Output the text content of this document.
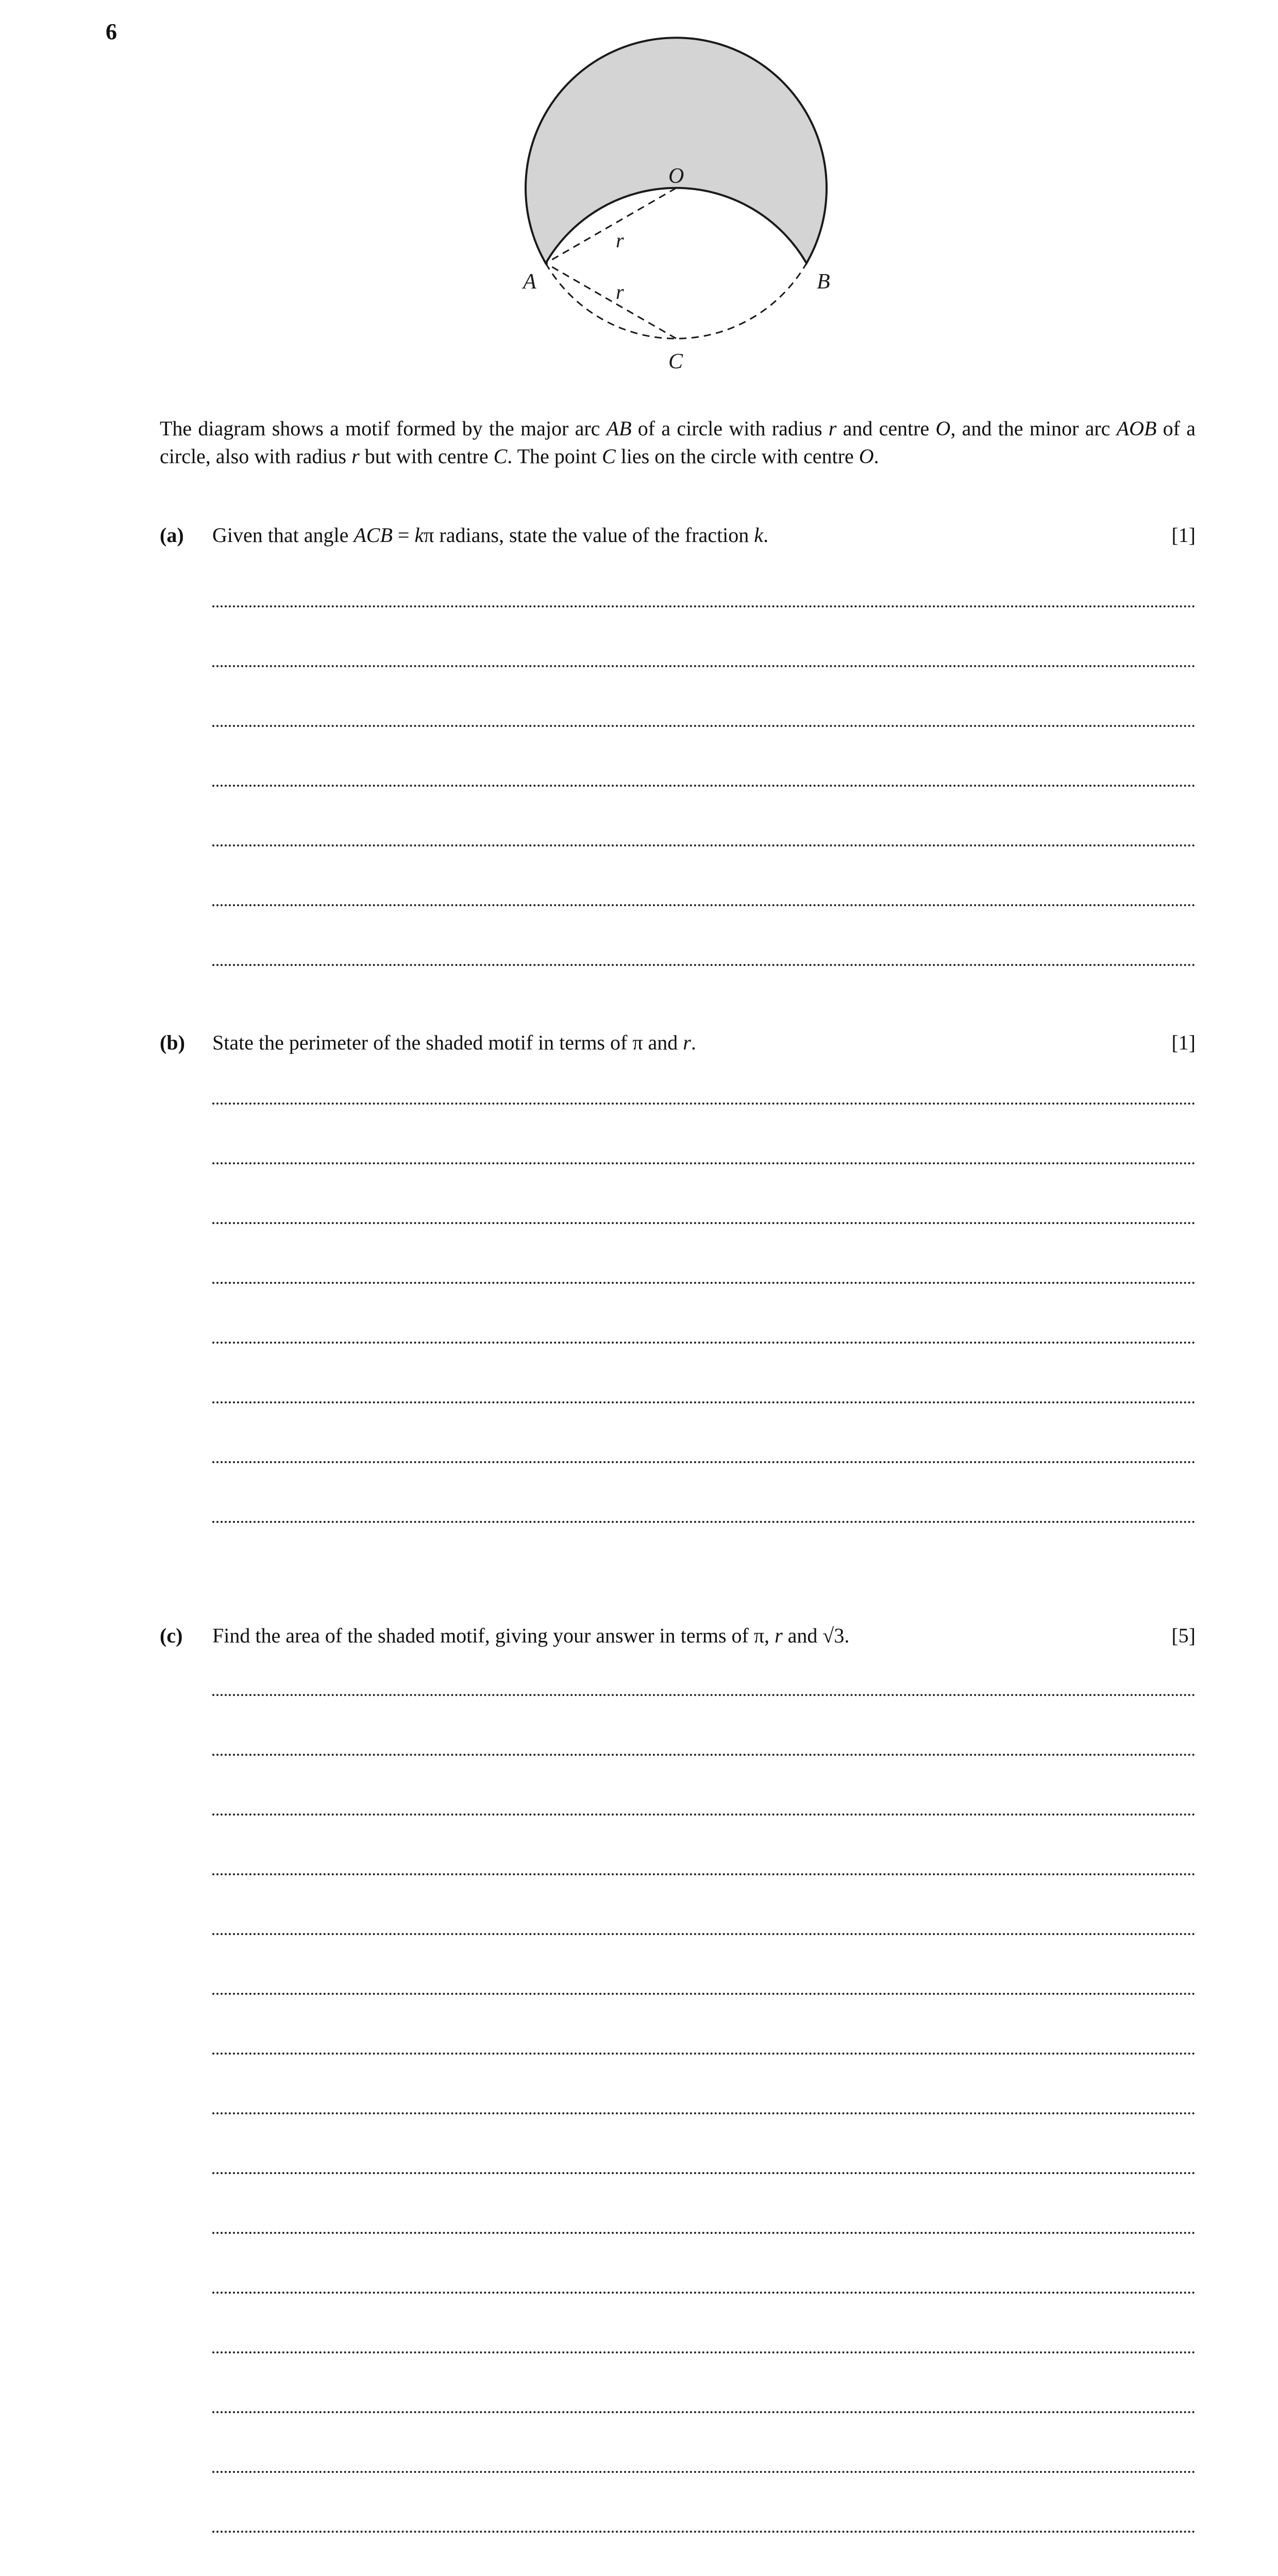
6
O
A	B
C
r
r
The diagram shows a motif formed by the major arc AB of a circle with radius r and centre O, and the minor arc AOB of a circle, also with radius r but with centre C. The point C lies on the circle with centre O.
(a) Given that angle ACB = kπ radians, state the value of the fraction k.	[1]
(b) State the perimeter of the shaded motif in terms of π and r.	[1]
(c) Find the area of the shaded motif, giving your answer in terms of π, r and √3.	[5]
